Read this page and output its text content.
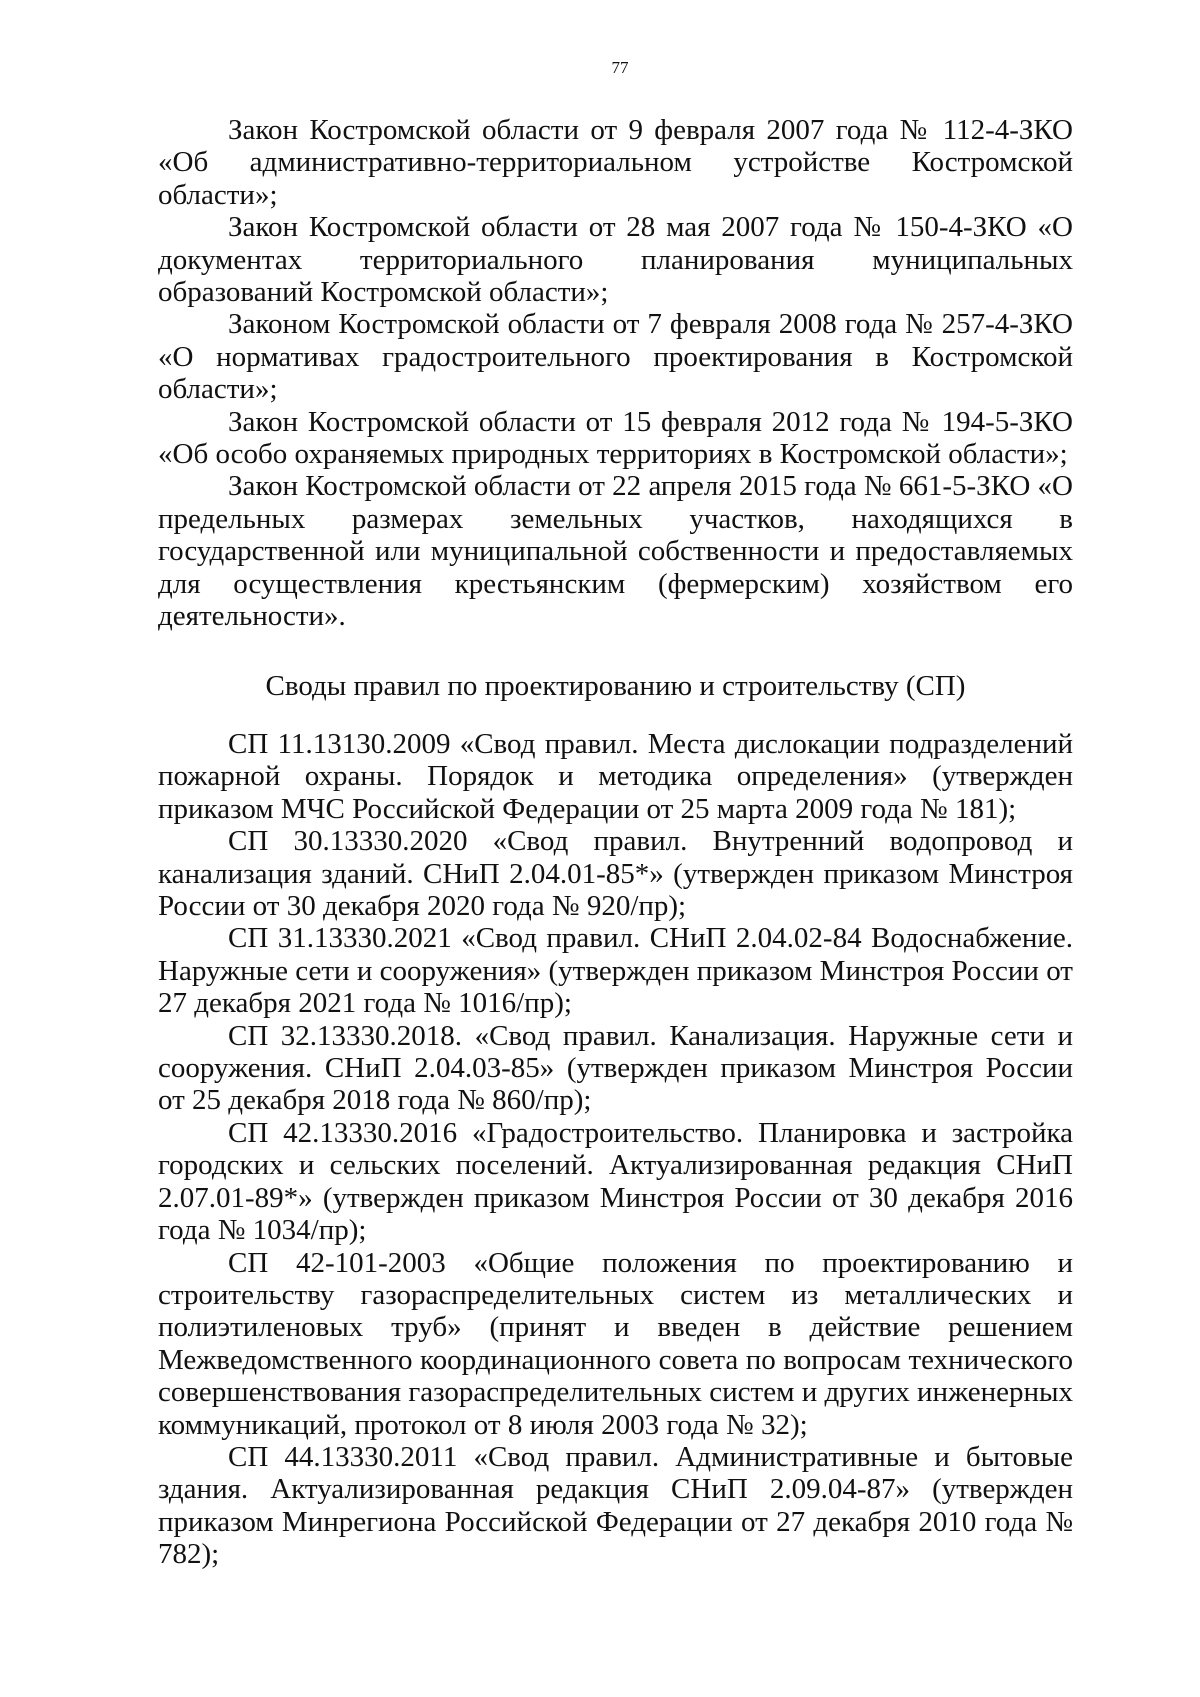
77

Закон Костромской области от 9 февраля 2007 года № 112-4-ЗКО «Об административно-территориальном устройстве Костромской области»;

Закон Костромской области от 28 мая 2007 года № 150-4-ЗКО «О документах территориального планирования муниципальных образований Костромской области»;

Законом Костромской области от 7 февраля 2008 года № 257-4-ЗКО «О нормативах градостроительного проектирования в Костромской области»;

Закон Костромской области от 15 февраля 2012 года № 194-5-ЗКО «Об особо охраняемых природных территориях в Костромской области»;

Закон Костромской области от 22 апреля 2015 года № 661-5-ЗКО «О предельных размерах земельных участков, находящихся в государственной или муниципальной собственности и предоставляемых для осуществления крестьянским (фермерским) хозяйством его деятельности».

Своды правил по проектированию и строительству (СП)

СП 11.13130.2009 «Свод правил. Места дислокации подразделений пожарной охраны. Порядок и методика определения» (утвержден приказом МЧС Российской Федерации от 25 марта 2009 года № 181);

СП 30.13330.2020 «Свод правил. Внутренний водопровод и канализация зданий. СНиП 2.04.01-85*» (утвержден приказом Минстроя России от 30 декабря 2020 года № 920/пр);

СП 31.13330.2021 «Свод правил. СНиП 2.04.02-84 Водоснабжение. Наружные сети и сооружения» (утвержден приказом Минстроя России от 27 декабря 2021 года № 1016/пр);

СП 32.13330.2018. «Свод правил. Канализация. Наружные сети и сооружения. СНиП 2.04.03-85» (утвержден приказом Минстроя России от 25 декабря 2018 года № 860/пр);

СП 42.13330.2016 «Градостроительство. Планировка и застройка городских и сельских поселений. Актуализированная редакция СНиП 2.07.01-89*» (утвержден приказом Минстроя России от 30 декабря 2016 года № 1034/пр);

СП 42-101-2003 «Общие положения по проектированию и строительству газораспределительных систем из металлических и полиэтиленовых труб» (принят и введен в действие решением Межведомственного координационного совета по вопросам технического совершенствования газораспределительных систем и других инженерных коммуникаций, протокол от 8 июля 2003 года № 32);

СП 44.13330.2011 «Свод правил. Административные и бытовые здания. Актуализированная редакция СНиП 2.09.04-87» (утвержден приказом Минрегиона Российской Федерации от 27 декабря 2010 года № 782);
